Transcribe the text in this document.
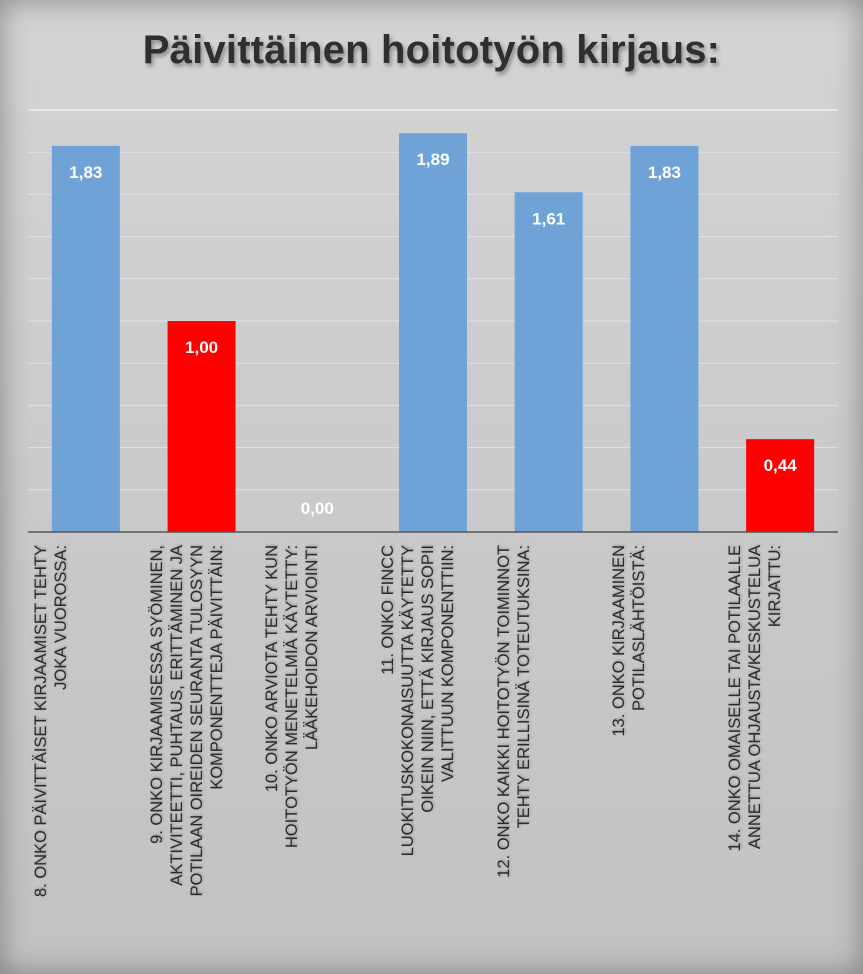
Päivittäinen hoitotyön kirjaus:
1,83
1,00
0,00
1,89
1,61
1,83
0,44
8. ONKO PÄIVITTÄISET KIRJAAMISET TEHTY JOKA VUOROSSA:	9. ONKO KIRJAAMISESSA SYÖMINEN, AKTIVITEETTI, PUHTAUS, ERITTÄMINEN JA POTILAAN OIREIDEN SEURANTA TULOSYYN KOMPONENTTEJA PÄIVITTÄIN: 10. ONKO ARVIOTA TEHTY KUN HOITOTYÖN MENETELMIÄ KÄYTETTY: LÄÄKEHOIDON ARVIOINTI	11. ONKO FINCC LUOKITUSKOKONAISUUTTA KÄYTETTY OIKEIN NIIN, ETTÄ KIRJAUS SOPII VALITTUUN KOMPONENTTIIN: 12. ONKO KAIKKI HOITOTYÖN TOIMINNOT TEHTY ERILLISINÄ TOTEUTUKSINA:	13. ONKO KIRJAAMINEN POTILASLÄHTÖISTÄ:	14. ONKO OMAISELLE TAI POTILAALLE ANNETTUA OHJAUSTA/KESKUSTELUA KIRJATTU:
